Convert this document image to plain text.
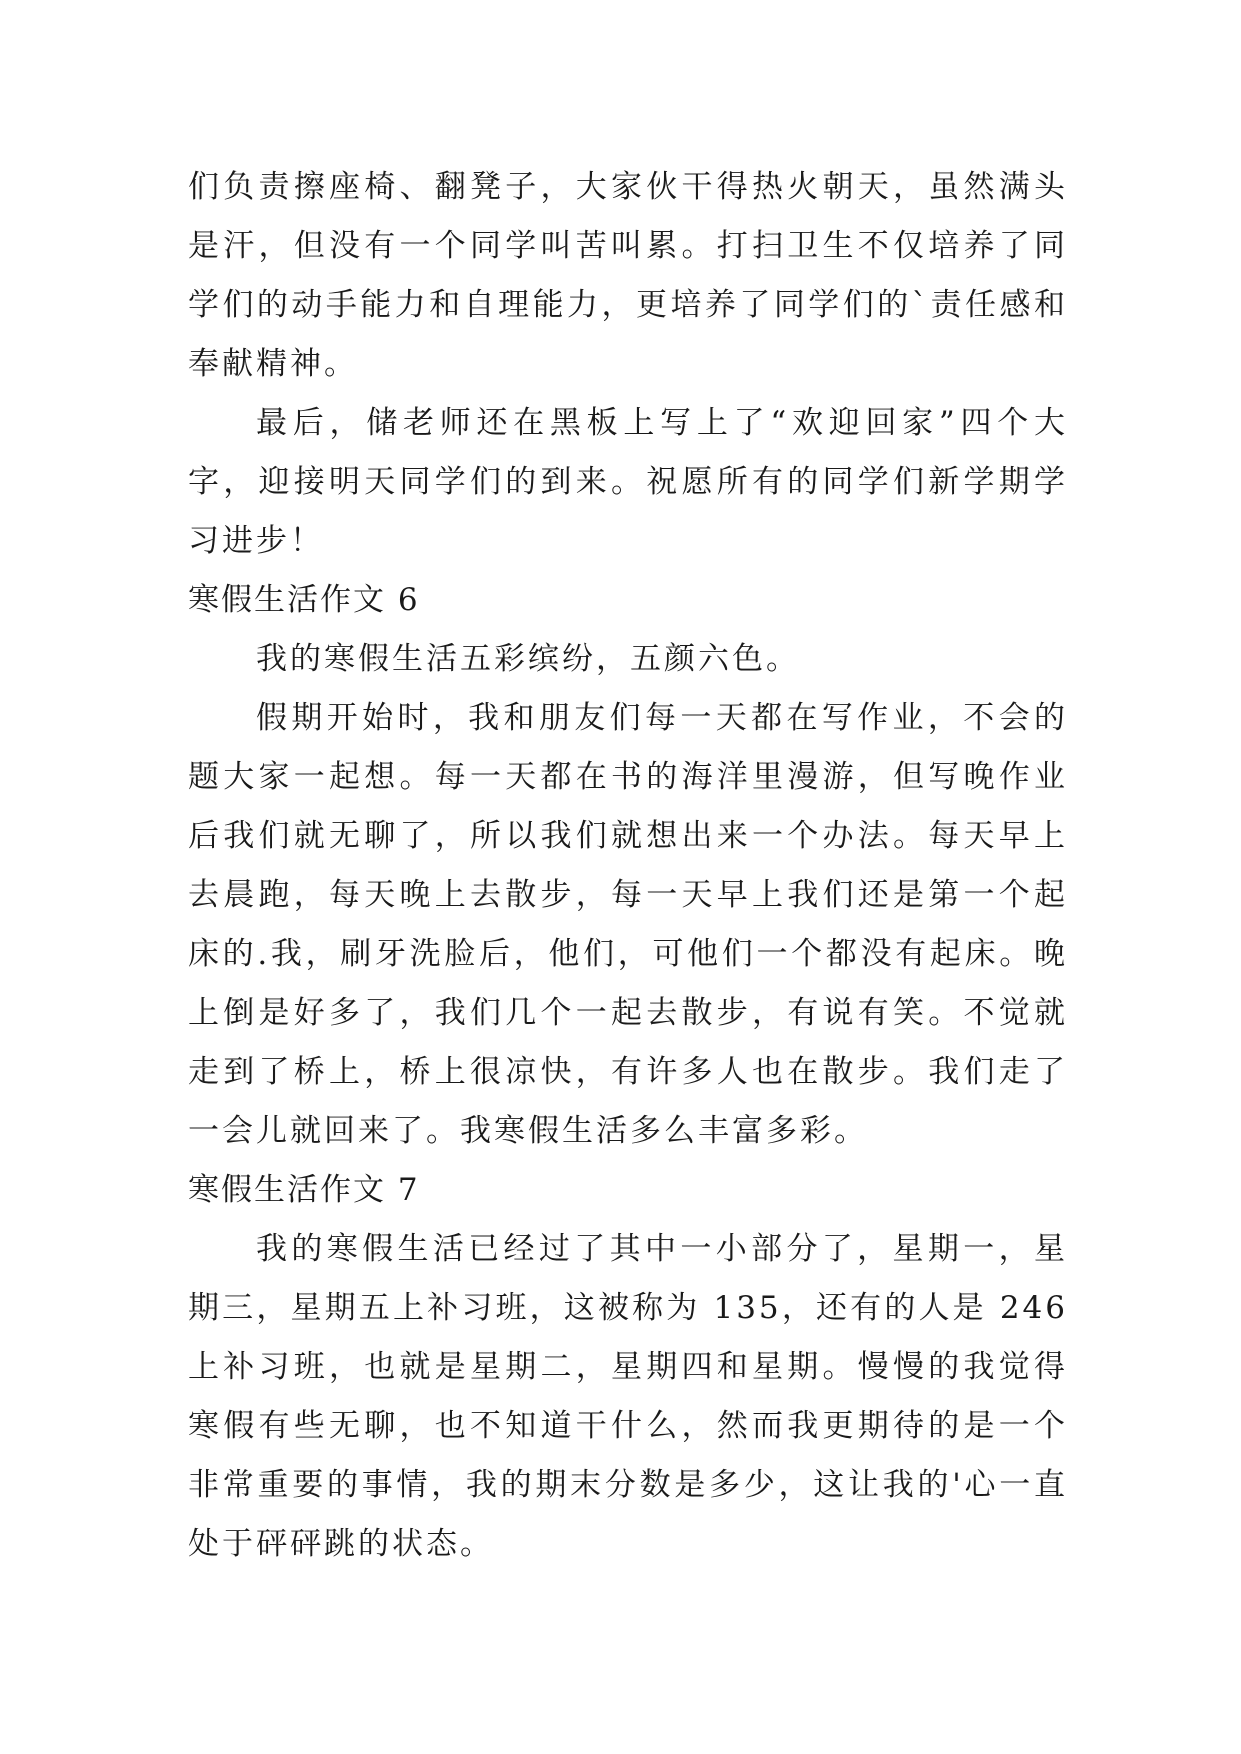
们负责擦座椅、翻凳子，大家伙干得热火朝天，虽然满头是汗，但没有一个同学叫苦叫累。打扫卫生不仅培养了同学们的动手能力和自理能力，更培养了同学们的`责任感和奉献精神。

最后，储老师还在黑板上写上了“欢迎回家”四个大字，迎接明天同学们的到来。祝愿所有的同学们新学期学习进步！

寒假生活作文 6

我的寒假生活五彩缤纷，五颜六色。

假期开始时，我和朋友们每一天都在写作业，不会的题大家一起想。每一天都在书的海洋里漫游，但写晚作业后我们就无聊了，所以我们就想出来一个办法。每天早上去晨跑，每天晚上去散步，每一天早上我们还是第一个起床的.我，刷牙洗脸后，他们，可他们一个都没有起床。晚上倒是好多了，我们几个一起去散步，有说有笑。不觉就走到了桥上，桥上很凉快，有许多人也在散步。我们走了一会儿就回来了。我寒假生活多么丰富多彩。

寒假生活作文 7

我的寒假生活已经过了其中一小部分了，星期一，星期三，星期五上补习班，这被称为 135，还有的人是 246 上补习班，也就是星期二，星期四和星期。慢慢的我觉得寒假有些无聊，也不知道干什么，然而我更期待的是一个非常重要的事情，我的期末分数是多少，这让我的'心一直处于砰砰跳的状态。
